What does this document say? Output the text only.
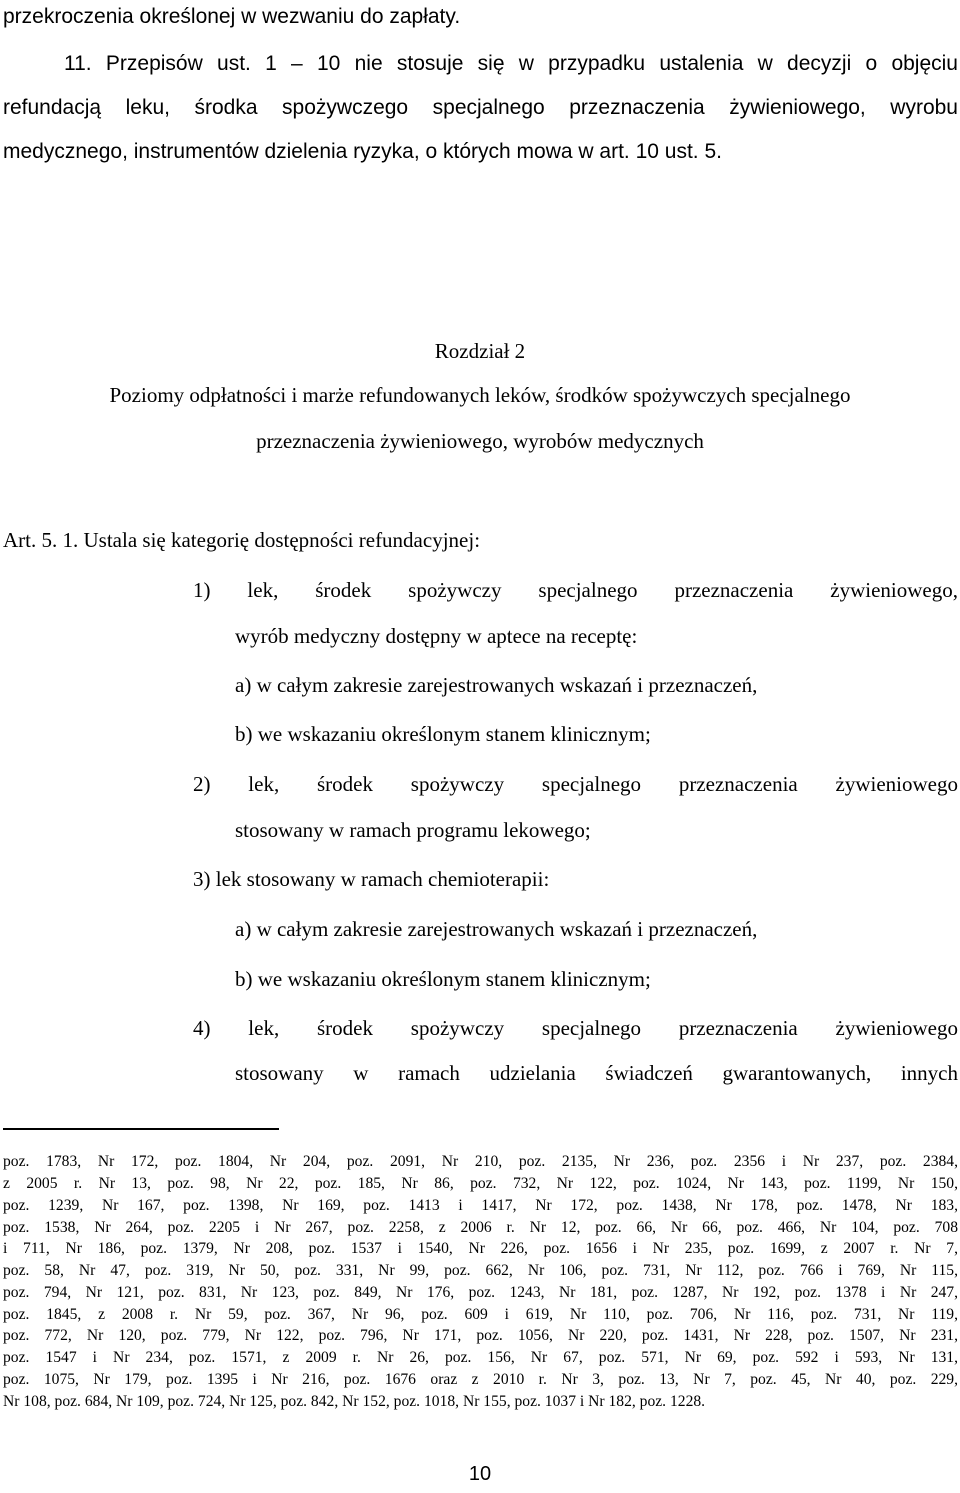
przekroczenia określonej w wezwaniu do zapłaty.
11. Przepisów ust. 1 – 10 nie stosuje się w przypadku ustalenia w decyzji o objęciu
refundacją leku, środka spożywczego specjalnego przeznaczenia żywieniowego, wyrobu
medycznego, instrumentów dzielenia ryzyka, o których mowa w art. 10 ust. 5.
Rozdział 2
Poziomy odpłatności i marże refundowanych leków, środków spożywczych specjalnego
przeznaczenia żywieniowego, wyrobów medycznych
Art. 5. 1. Ustala się kategorię dostępności refundacyjnej:
1) lek, środek spożywczy specjalnego przeznaczenia żywieniowego,
wyrób medyczny dostępny w aptece na receptę:
a) w całym zakresie zarejestrowanych wskazań i przeznaczeń,
b) we wskazaniu określonym stanem klinicznym;
2) lek, środek spożywczy specjalnego przeznaczenia żywieniowego
stosowany w ramach programu lekowego;
3) lek stosowany w ramach chemioterapii:
a) w całym zakresie zarejestrowanych wskazań i przeznaczeń,
b) we wskazaniu określonym stanem klinicznym;
4) lek, środek spożywczy specjalnego przeznaczenia żywieniowego
stosowany w ramach udzielania świadczeń gwarantowanych, innych
poz. 1783, Nr 172, poz. 1804, Nr 204, poz. 2091, Nr 210, poz. 2135, Nr 236, poz. 2356 i Nr 237, poz. 2384,
z 2005 r. Nr 13, poz. 98, Nr 22, poz. 185, Nr 86, poz. 732, Nr 122, poz. 1024, Nr 143, poz. 1199, Nr 150,
poz. 1239, Nr 167, poz. 1398, Nr 169, poz. 1413 i 1417, Nr 172, poz. 1438, Nr 178, poz. 1478, Nr 183,
poz. 1538, Nr 264, poz. 2205 i Nr 267, poz. 2258, z 2006 r. Nr 12, poz. 66, Nr 66, poz. 466, Nr 104, poz. 708
i 711, Nr 186, poz. 1379, Nr 208, poz. 1537 i 1540, Nr 226, poz. 1656 i Nr 235, poz. 1699, z 2007 r. Nr 7,
poz. 58, Nr 47, poz. 319, Nr 50, poz. 331, Nr 99, poz. 662, Nr 106, poz. 731, Nr 112, poz. 766 i 769, Nr 115,
poz. 794, Nr 121, poz. 831, Nr 123, poz. 849, Nr 176, poz. 1243, Nr 181, poz. 1287, Nr 192, poz. 1378 i Nr 247,
poz. 1845, z 2008 r. Nr 59, poz. 367, Nr 96, poz. 609 i 619, Nr 110, poz. 706, Nr 116, poz. 731, Nr 119,
poz. 772, Nr 120, poz. 779, Nr 122, poz. 796, Nr 171, poz. 1056, Nr 220, poz. 1431, Nr 228, poz. 1507, Nr 231,
poz. 1547 i Nr 234, poz. 1571, z 2009 r. Nr 26, poz. 156, Nr 67, poz. 571, Nr 69, poz. 592 i 593, Nr 131,
poz. 1075, Nr 179, poz. 1395 i Nr 216, poz. 1676 oraz z 2010 r. Nr 3, poz. 13, Nr 7, poz. 45, Nr 40, poz. 229,
Nr 108, poz. 684, Nr 109, poz. 724, Nr 125, poz. 842, Nr 152, poz. 1018, Nr 155, poz. 1037 i Nr 182, poz. 1228.
10
